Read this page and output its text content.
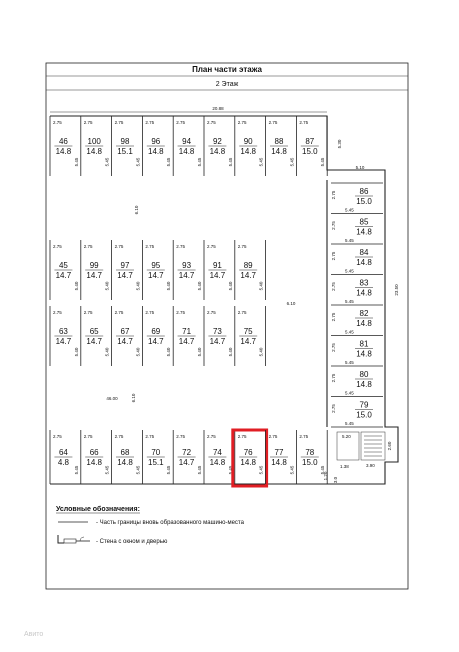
План части этажа
2 Этаж
20.88
5.30
5.10
23.50
6.10
6.10
6.10
46.00
5.20
3.90
1.38
2.60
1.20 3.0
2.75
5.45
46
14.8
2.75
5.45
100
14.8
2.75
5.45
98
15.1
2.75
5.45
96
14.8
2.75
5.45
94
14.8
2.75
5.45
92
14.8
2.75
5.45
90
14.8
2.75
5.45
88
14.8
2.75
5.45
87
15.0
2.75
5.40
45
14.7
2.75
5.40
99
14.7
2.75
5.40
97
14.7
2.75
5.40
95
14.7
2.75
5.40
93
14.7
2.75
5.40
91
14.7
2.75
5.40
89
14.7
2.75
5.40
63
14.7
2.75
5.40
65
14.7
2.75
5.40
67
14.7
2.75
5.40
69
14.7
2.75
5.40
71
14.7
2.75
5.40
73
14.7
2.75
5.40
75
14.7
2.75
5.45
64
4.8
2.75
5.45
66
14.8
2.75
5.45
68
14.8
2.75
5.45
70
15.1
2.75
5.45
72
14.7
2.75
5.45
74
14.8
2.75
5.45
76
14.8
2.75
5.45
77
14.8
2.75
5.45
78
15.0
2.75
5.45
86
15.0
2.75
5.45
85
14.8
2.75
5.45
84
14.8
2.75
5.45
83
14.8
2.75
5.45
82
14.8
2.75
5.45
81
14.8
2.75
5.45
80
14.8
2.75
5.45
79
15.0
Условные обозначения:
- Часть границы вновь образованного машино-места
- Стена с окном и дверью
Авито
